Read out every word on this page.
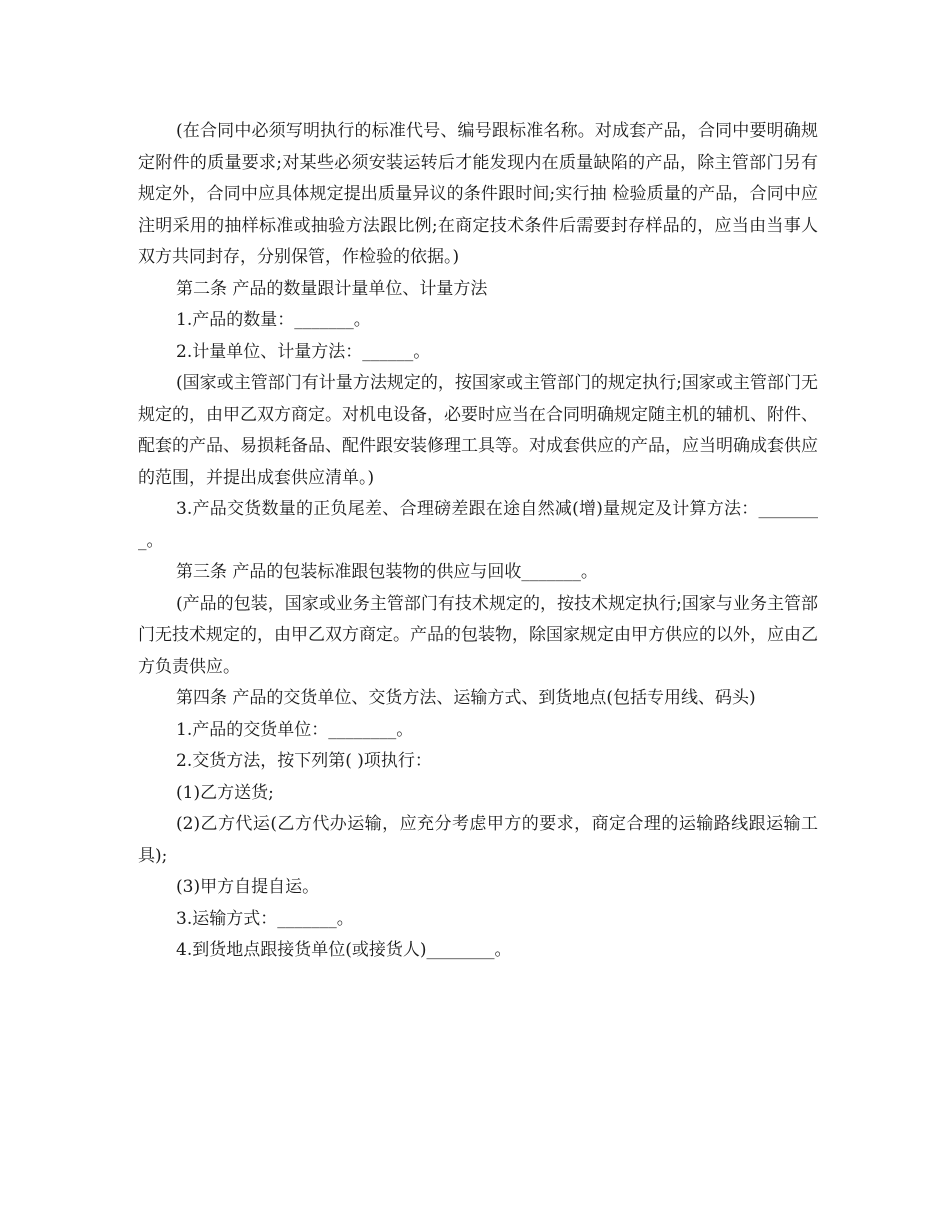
(在合同中必须写明执行的标准代号、编号跟标准名称。对成套产品，合同中要明确规定附件的质量要求;对某些必须安装运转后才能发现内在质量缺陷的产品，除主管部门另有规定外，合同中应具体规定提出质量异议的条件跟时间;实行抽 检验质量的产品，合同中应注明采用的抽样标准或抽验方法跟比例;在商定技术条件后需要封存样品的，应当由当事人双方共同封存，分别保管，作检验的依据。)

第二条 产品的数量跟计量单位、计量方法

1.产品的数量：_______。

2.计量单位、计量方法：______。

(国家或主管部门有计量方法规定的，按国家或主管部门的规定执行;国家或主管部门无规定的，由甲乙双方商定。对机电设备，必要时应当在合同明确规定随主机的辅机、附件、配套的产品、易损耗备品、配件跟安装修理工具等。对成套供应的产品，应当明确成套供应的范围，并提出成套供应清单。)

3.产品交货数量的正负尾差、合理磅差跟在途自然减(增)量规定及计算方法：________。

第三条 产品的包装标准跟包装物的供应与回收_______。

(产品的包装，国家或业务主管部门有技术规定的，按技术规定执行;国家与业务主管部门无技术规定的，由甲乙双方商定。产品的包装物，除国家规定由甲方供应的以外，应由乙方负责供应。

第四条 产品的交货单位、交货方法、运输方式、到货地点(包括专用线、码头)

1.产品的交货单位：________。

2.交货方法，按下列第( )项执行：

(1)乙方送货;

(2)乙方代运(乙方代办运输，应充分考虑甲方的要求，商定合理的运输路线跟运输工具);

(3)甲方自提自运。

3.运输方式：_______。

4.到货地点跟接货单位(或接货人)________。
